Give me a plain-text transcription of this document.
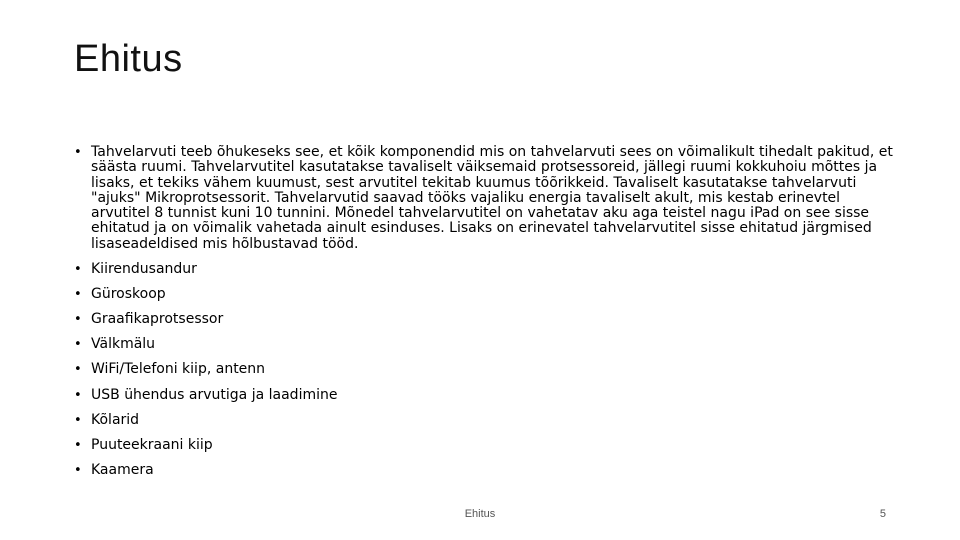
Ehitus
• Tahvelarvuti teeb õhukeseks see, et kõik komponendid mis on tahvelarvuti sees on võimalikult tihedalt pakitud, et säästa ruumi. Tahvelarvutitel kasutatakse tavaliselt väiksemaid protsessoreid, jällegi ruumi kokkuhoiu mõttes ja lisaks, et tekiks vähem kuumust, sest arvutitel tekitab kuumus tõõrikkeid. Tavaliselt kasutatakse tahvelarvuti "ajuks" Mikroprotsessorit. Tahvelarvutid saavad tööks vajaliku energia tavaliselt akult, mis kestab erinevtel arvutitel 8 tunnist kuni 10 tunnini. Mõnedel tahvelarvutitel on vahetatav aku aga teistel nagu iPad on see sisse ehitatud ja on võimalik vahetada ainult esinduses. Lisaks on erinevatel tahvelarvutitel sisse ehitatud järgmised lisaseadeldised mis hõlbustavad tööd.
• Kiirendusandur
• Güroskoop
• Graafikaprotsessor
• Välkmälu
• WiFi/Telefoni kiip, antenn
• USB ühendus arvutiga ja laadimine
• Kõlarid
• Puuteekraani kiip
• Kaamera
Ehitus	5
